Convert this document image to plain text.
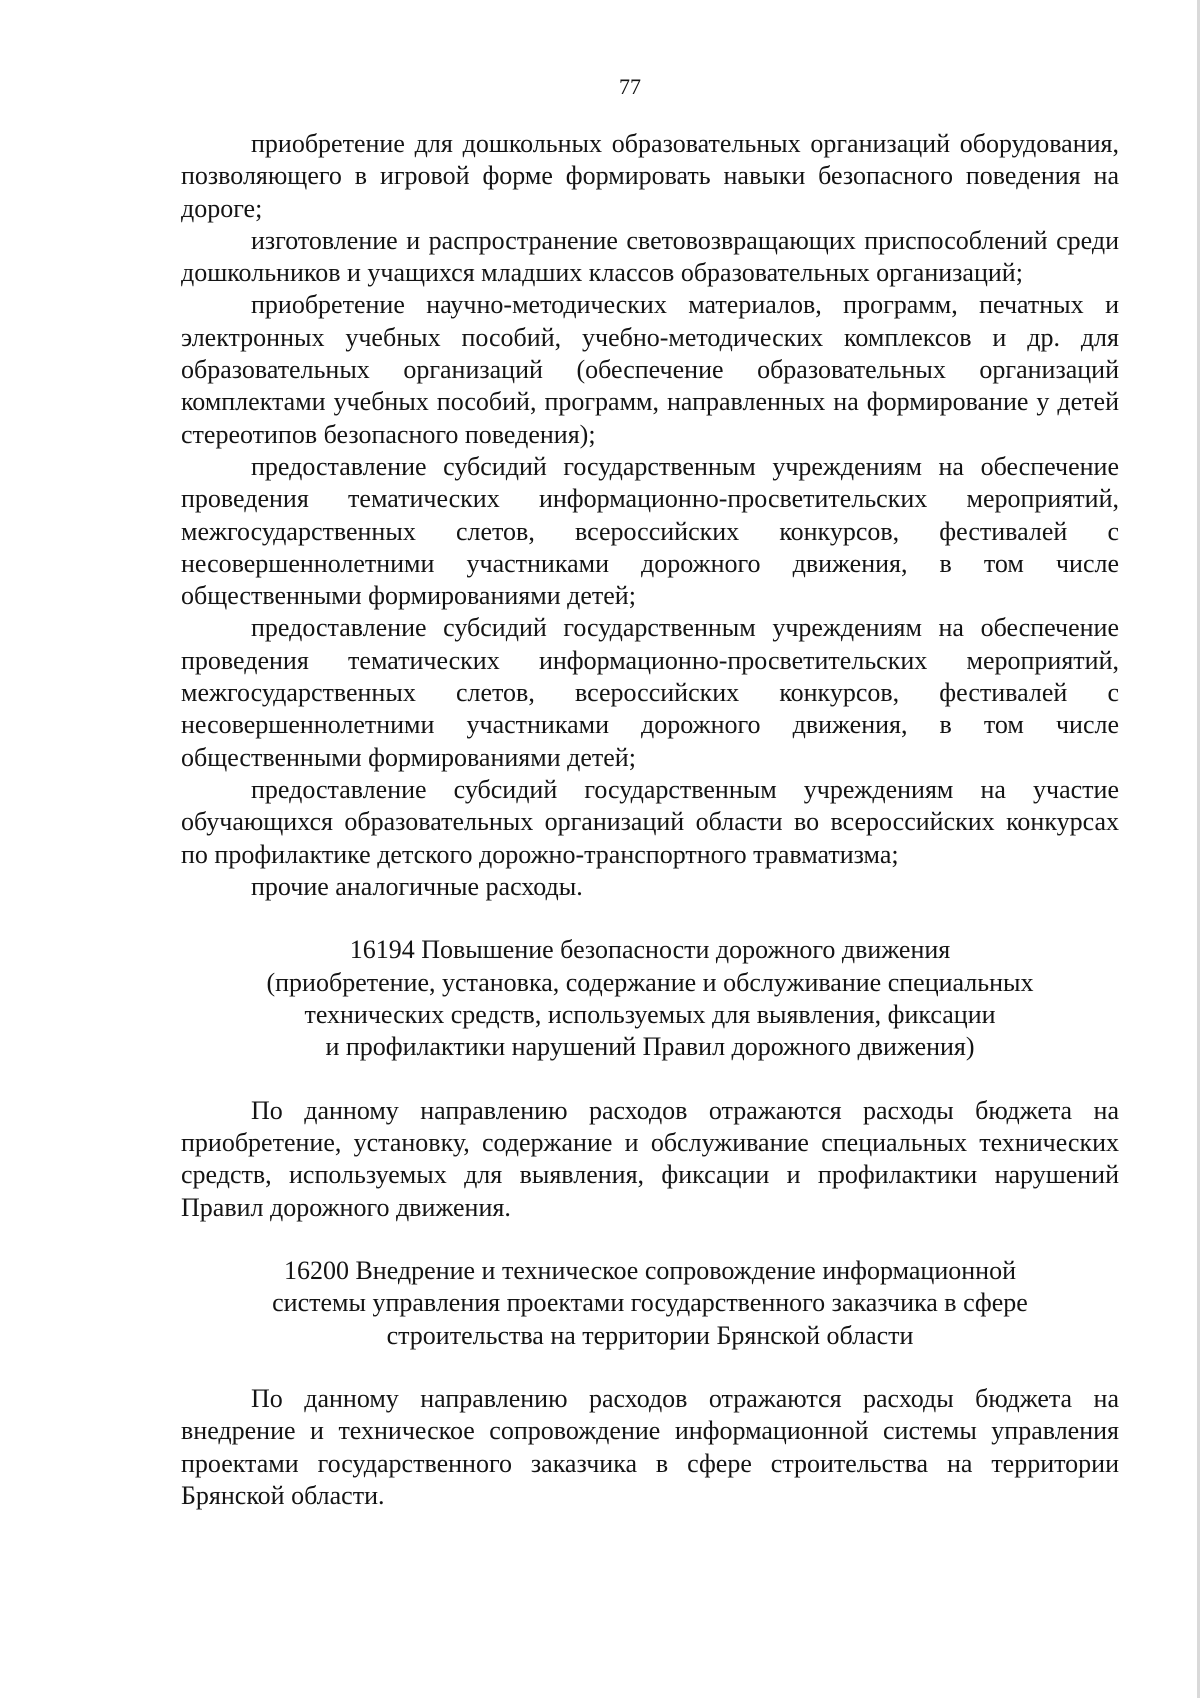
77

приобретение для дошкольных образовательных организаций оборудования, позволяющего в игровой форме формировать навыки безопасного поведения на дороге;

изготовление и распространение световозвращающих приспособлений среди дошкольников и учащихся младших классов образовательных организаций;

приобретение научно-методических материалов, программ, печатных и электронных учебных пособий, учебно-методических комплексов и др. для образовательных организаций (обеспечение образовательных организаций комплектами учебных пособий, программ, направленных на формирование у детей стереотипов безопасного поведения);

предоставление субсидий государственным учреждениям на обеспечение проведения тематических информационно-просветительских мероприятий, межгосударственных слетов, всероссийских конкурсов, фестивалей с несовершеннолетними участниками дорожного движения, в том числе общественными формированиями детей;

предоставление субсидий государственным учреждениям на обеспечение проведения тематических информационно-просветительских мероприятий, межгосударственных слетов, всероссийских конкурсов, фестивалей с несовершеннолетними участниками дорожного движения, в том числе общественными формированиями детей;

предоставление субсидий государственным учреждениям на участие обучающихся образовательных организаций области во всероссийских конкурсах по профилактике детского дорожно-транспортного травматизма;

прочие аналогичные расходы.

16194 Повышение безопасности дорожного движения
(приобретение, установка, содержание и обслуживание специальных
технических средств, используемых для выявления, фиксации
и профилактики нарушений Правил дорожного движения)

По данному направлению расходов отражаются расходы бюджета на приобретение, установку, содержание и обслуживание специальных технических средств, используемых для выявления, фиксации и профилактики нарушений Правил дорожного движения.

16200 Внедрение и техническое сопровождение информационной
системы управления проектами государственного заказчика в сфере
строительства на территории Брянской области

По данному направлению расходов отражаются расходы бюджета на внедрение и техническое сопровождение информационной системы управления проектами государственного заказчика в сфере строительства на территории Брянской области.
